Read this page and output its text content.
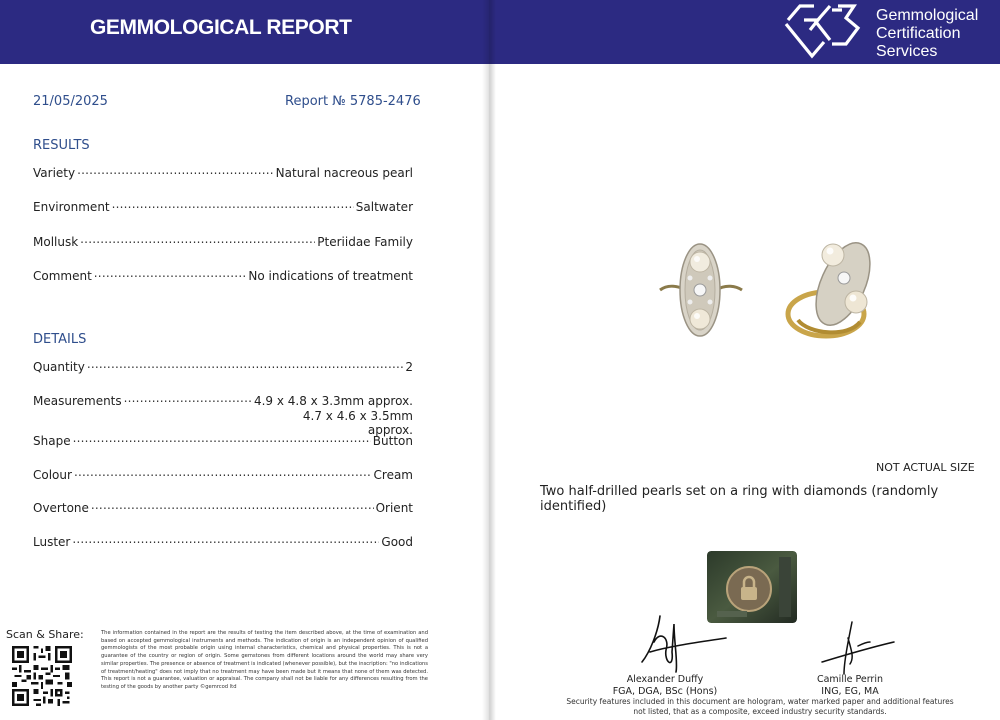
GEMMOLOGICAL REPORT
Gemmological
Certification
Services
21/05/2025	Report № 5785-2476
RESULTS
Variety .....	Natural nacreous pearl
Environment .....	Saltwater
Mollusk .....	Pteriidae Family
Comment .....	No indications of treatment
DETAILS
Quantity .....	2
Measurements .....	4.9 x 4.8 x 3.3mm approx.
4.7 x 4.6 x 3.5mm approx.
Shape .....	Button
Colour .....	Cream
Overtone .....	Orient
Luster .....	Good
Scan & Share:	The information contained in the report are the results of testing the item described above, at the time of examination and based on accepted gemmological instruments and methods. The indication of origin is an independent opinion of qualified gemmologists of the most probable origin using internal characteristics, chemical and physical properties. This is not a guarantee of the country or region of origin. Some gemstones from different locations around the world may share very similar properties. The presence or absence of treatment is indicated (whenever possible), but the inscription: "no indications of treatment/heating" does not imply that no treatment may have been made but it means that none of them was detected. This report is not a guarantee, valuation or appraisal. The company shall not be liable for any differences resulting from the testing of the goods by another party ©gemrcod ltd
NOT ACTUAL SIZE
Two half-drilled pearls set on a ring with diamonds (randomly identified)
Alexander Duffy
FGA, DGA, BSc (Hons)
Camille Perrin
ING, EG, MA
Security features included in this document are hologram, water marked paper and additional features not listed, that as a composite, exceed industry security standards.
